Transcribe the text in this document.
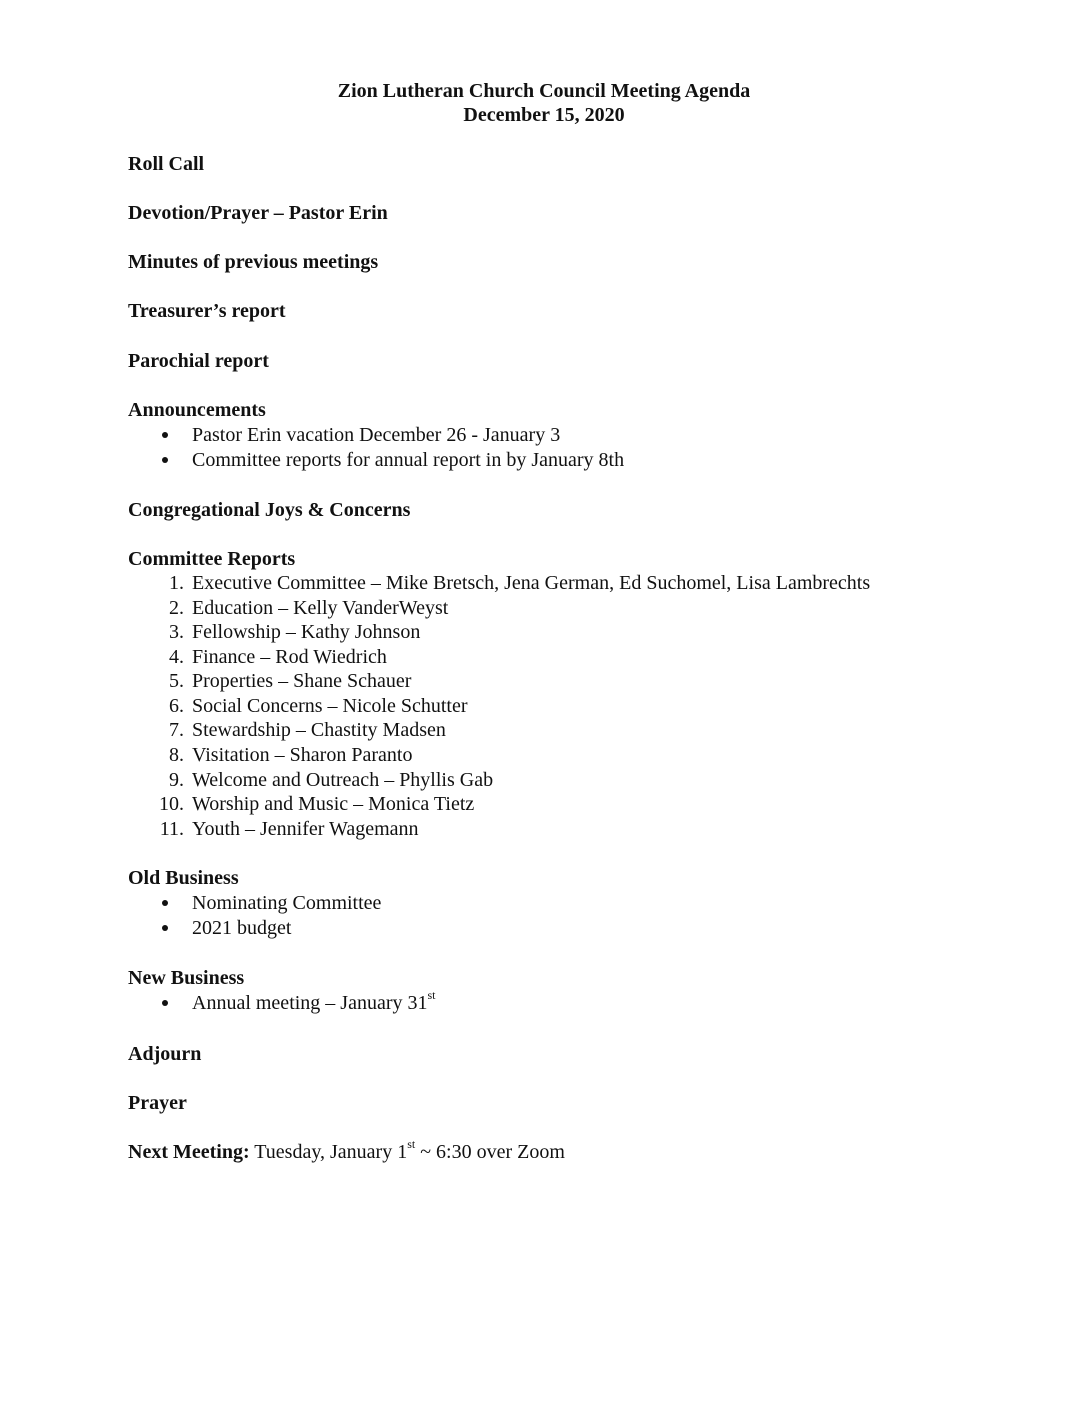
Zion Lutheran Church Council Meeting Agenda
December 15, 2020
Roll Call
Devotion/Prayer – Pastor Erin
Minutes of previous meetings
Treasurer’s report
Parochial report
Announcements
Pastor Erin vacation December 26 - January 3
Committee reports for annual report in by January 8th
Congregational Joys & Concerns
Committee Reports
1. Executive Committee – Mike Bretsch, Jena German, Ed Suchomel, Lisa Lambrechts
2. Education – Kelly VanderWeyst
3. Fellowship – Kathy Johnson
4. Finance – Rod Wiedrich
5. Properties – Shane Schauer
6. Social Concerns – Nicole Schutter
7. Stewardship – Chastity Madsen
8. Visitation – Sharon Paranto
9. Welcome and Outreach – Phyllis Gab
10. Worship and Music – Monica Tietz
11. Youth – Jennifer Wagemann
Old Business
Nominating Committee
2021 budget
New Business
Annual meeting – January 31st
Adjourn
Prayer
Next Meeting: Tuesday, January 1st ~ 6:30 over Zoom
